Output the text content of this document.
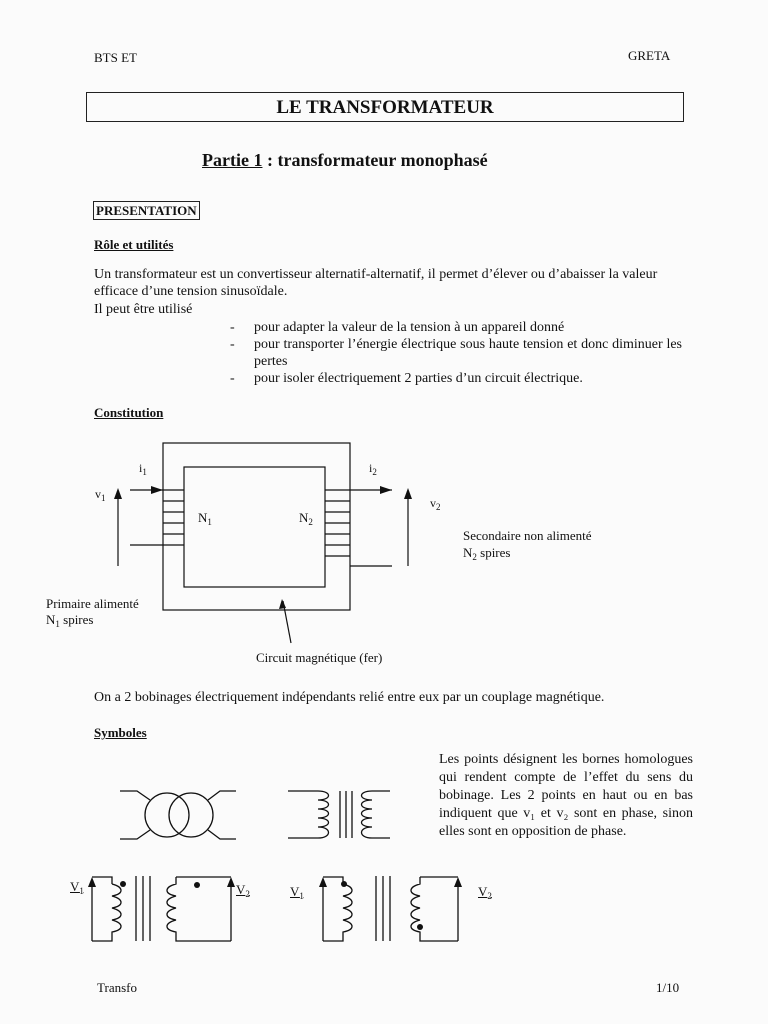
BTS ET	GRETA
LE TRANSFORMATEUR
Partie 1 : transformateur monophasé
PRESENTATION
Rôle et utilités
Un transformateur est un convertisseur alternatif-alternatif, il permet d’élever ou d’abaisser la valeur efficace d’une tension sinusoïdale.
Il peut être utilisé
- pour adapter la valeur de la tension à un appareil donné
- pour transporter l’énergie électrique sous haute tension et donc diminuer les pertes
- pour isoler électriquement 2 parties d’un circuit électrique.
Constitution
$i_1$	$i_2$
$v_1$	$v_2$
$N_1$	$N_2$
Secondaire non alimenté
$N_2$ spires
Primaire alimenté
$N_1$ spires
Circuit magnétique (fer)
On a 2 bobinages électriquement indépendants relié entre eux par un couplage magnétique.
Symboles
Les points désignent les bornes homologues qui rendent compte de l’effet du sens du bobinage. Les 2 points en haut ou en bas indiquent que v₁ et v₂ sont en phase, sinon elles sont en opposition de phase.
$V_1$	$V_2$	$V_1$	$V_2$
Transfo	1/10
